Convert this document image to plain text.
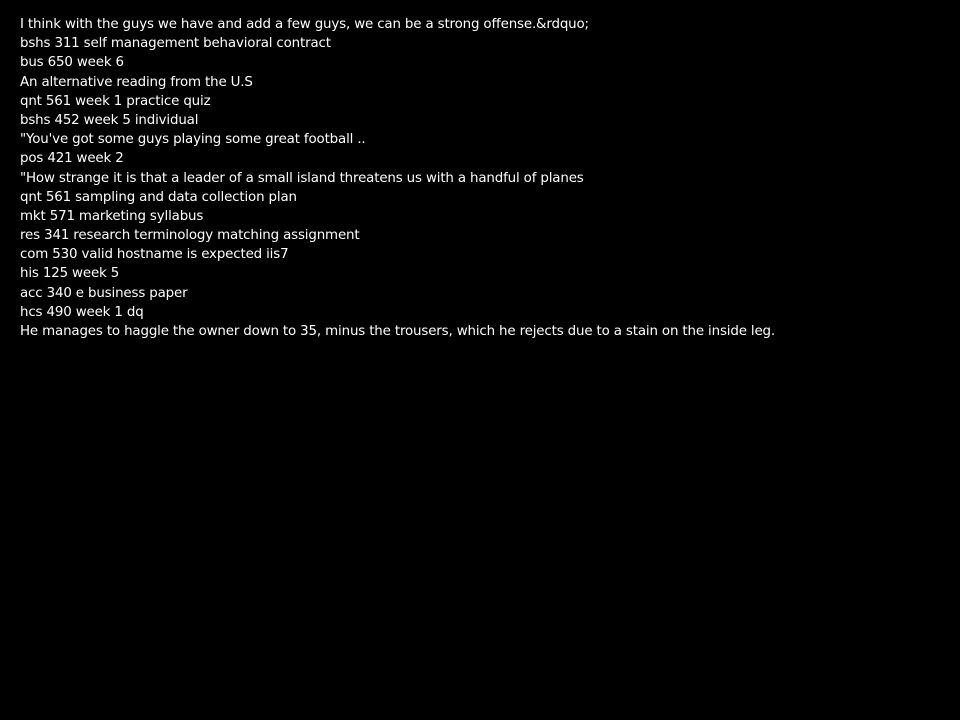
I think with the guys we have and add a few guys, we can be a strong offense.&rdquo;
bshs 311 self management behavioral contract
bus 650 week 6
An alternative reading from the U.S
qnt 561 week 1 practice quiz
bshs 452 week 5 individual
"You've got some guys playing some great football ..
pos 421 week 2
"How strange it is that a leader of a small island threatens us with a handful of planes
qnt 561 sampling and data collection plan
mkt 571 marketing syllabus
res 341 research terminology matching assignment
com 530 valid hostname is expected iis7
his 125 week 5
acc 340 e business paper
hcs 490 week 1 dq
He manages to haggle the owner down to 35, minus the trousers, which he rejects due to a stain on the inside leg.
